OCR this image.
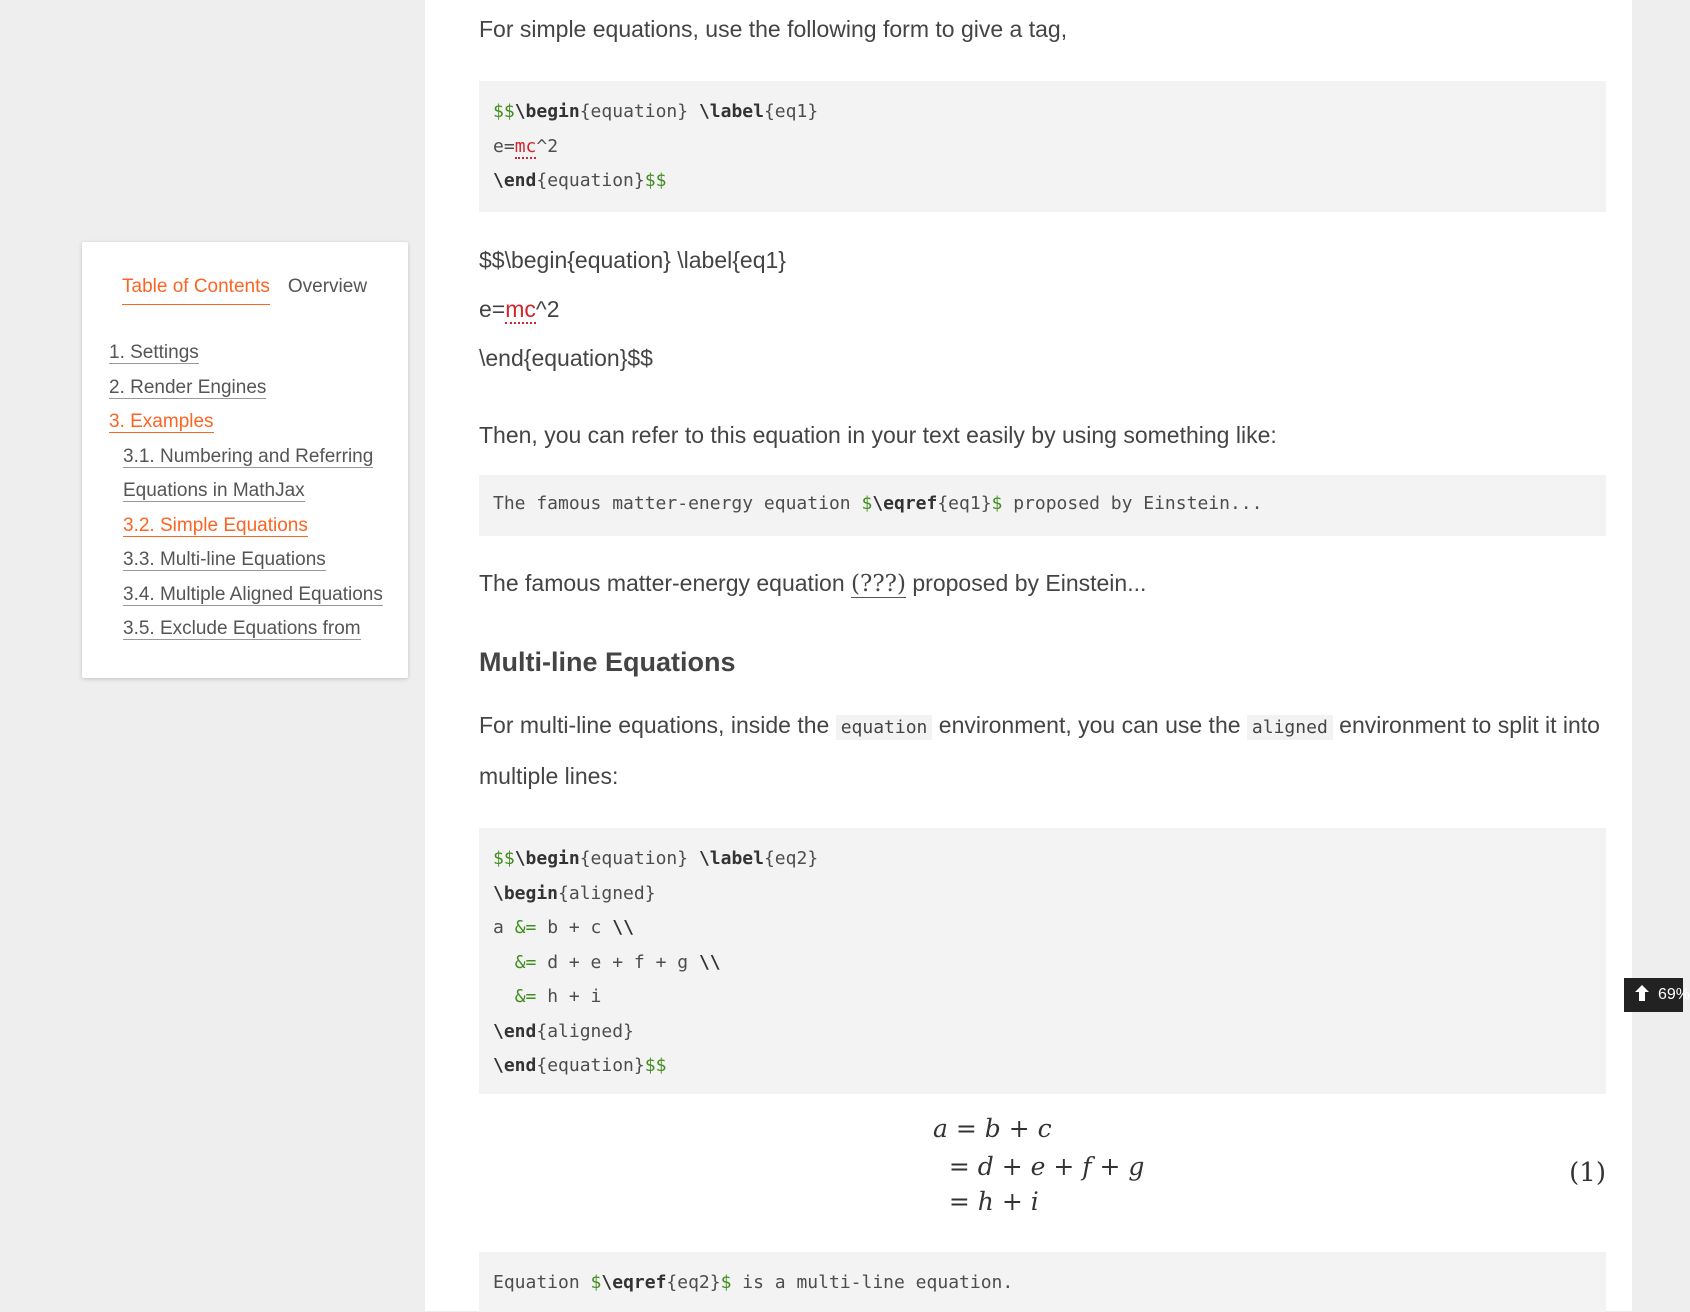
Table of Contents Overview
1. Settings
2. Render Engines
3. Examples
3.1. Numbering and Referring
Equations in MathJax
3.2. Simple Equations
3.3. Multi-line Equations
3.4. Multiple Aligned Equations
3.5. Exclude Equations from

For simple equations, use the following form to give a tag,

$$\begin{equation} \label{eq1}
e=mc^2
\end{equation}$$

$$\begin{equation} \label{eq1}

e=mc^2

\end{equation}$$

Then, you can refer to this equation in your text easily by using something like:

The famous matter-energy equation $\eqref{eq1}$ proposed by Einstein...

The famous matter-energy equation (???) proposed by Einstein...

Multi-line Equations

For multi-line equations, inside the equation environment, you can use the aligned environment to split it into multiple lines:

$$\begin{equation} \label{eq2}
\begin{aligned}
a &= b + c \\
&= d + e + f + g \\
&= h + i
\end{aligned}
\end{equation}$$
a = b + c
= d + e + f + g
= h + i
(1)
Equation $\eqref{eq2}$ is a multi-line equation.
69%
